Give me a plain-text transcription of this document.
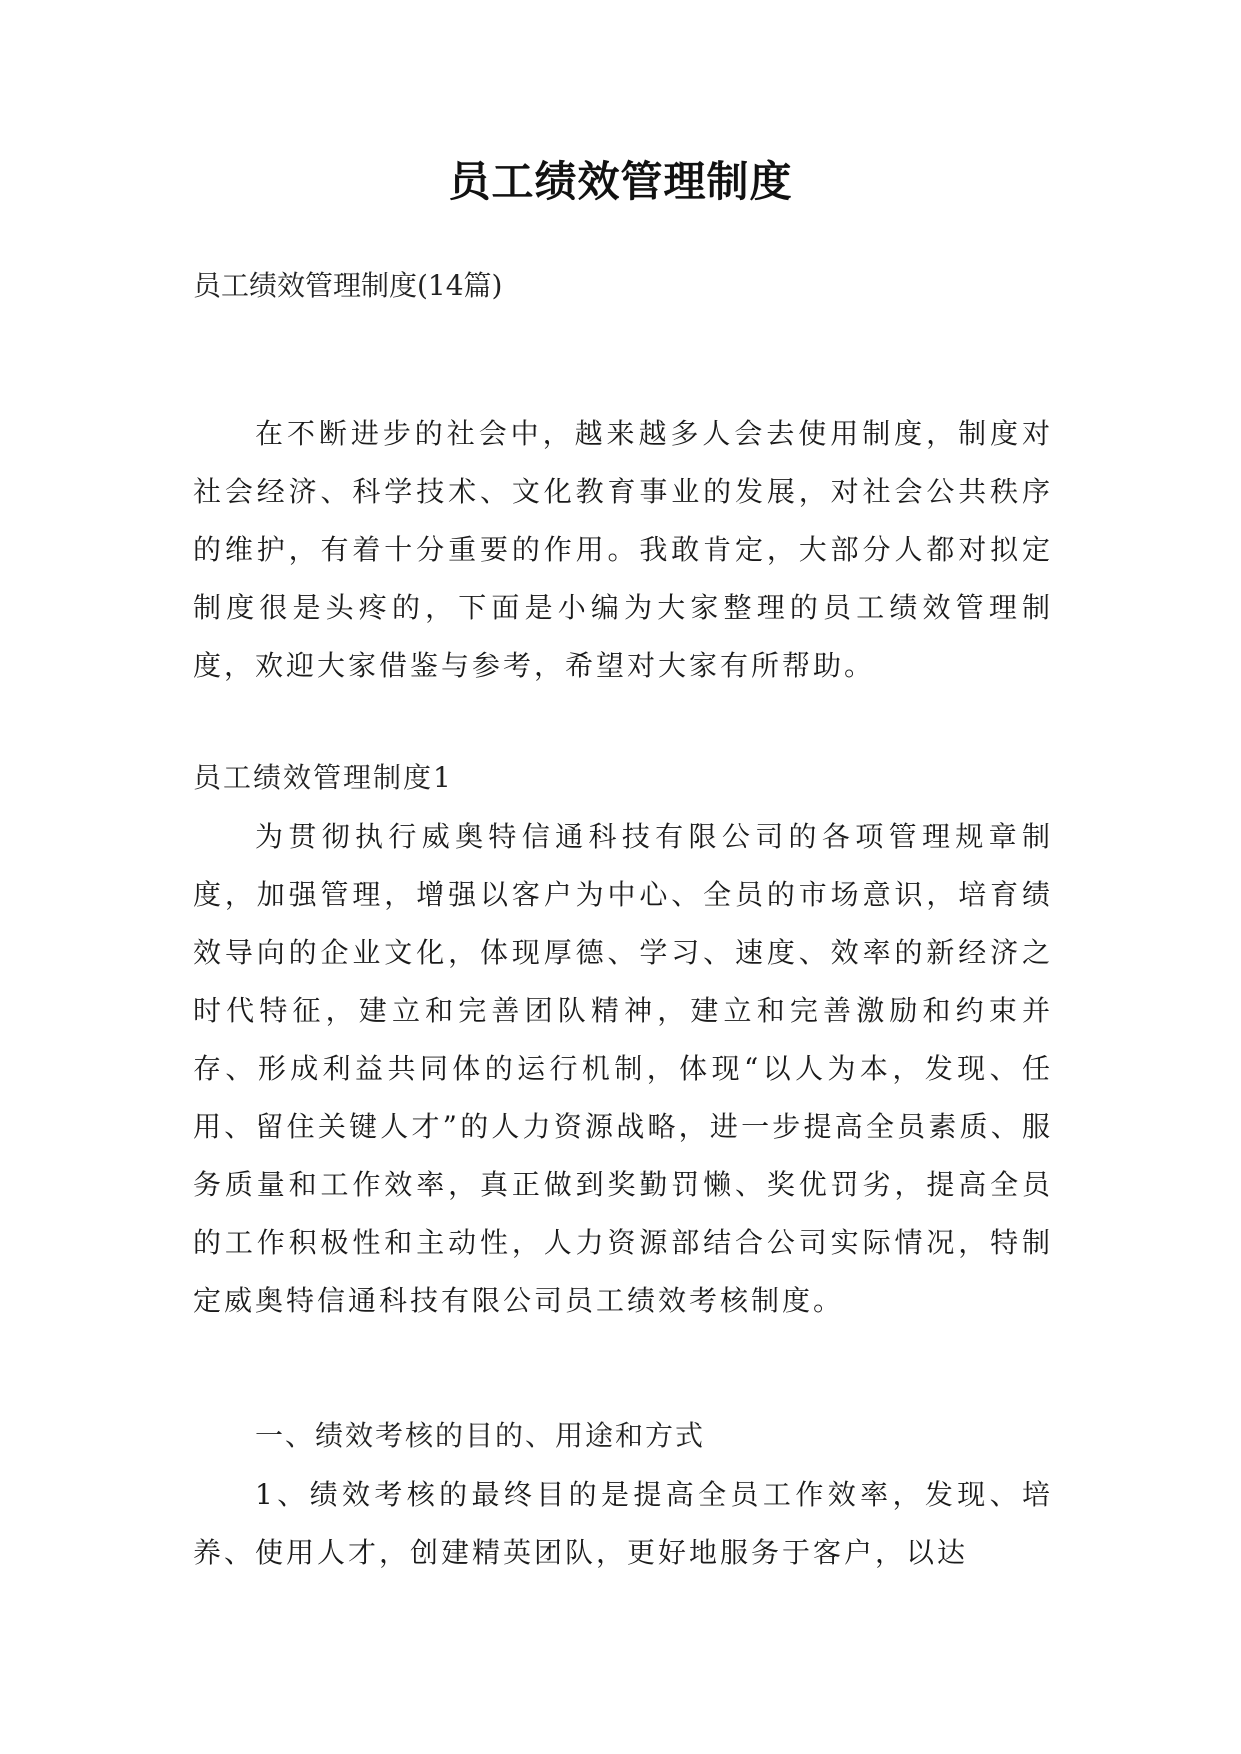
员工绩效管理制度
员工绩效管理制度(14篇)
在不断进步的社会中，越来越多人会去使用制度，制度对社会经济、科学技术、文化教育事业的发展，对社会公共秩序的维护，有着十分重要的作用。我敢肯定，大部分人都对拟定制度很是头疼的，下面是小编为大家整理的员工绩效管理制度，欢迎大家借鉴与参考，希望对大家有所帮助。
员工绩效管理制度1
为贯彻执行威奥特信通科技有限公司的各项管理规章制度，加强管理，增强以客户为中心、全员的市场意识，培育绩效导向的企业文化，体现厚德、学习、速度、效率的新经济之时代特征，建立和完善团队精神，建立和完善激励和约束并存、形成利益共同体的运行机制，体现“以人为本，发现、任用、留住关键人才”的人力资源战略，进一步提高全员素质、服务质量和工作效率，真正做到奖勤罚懒、奖优罚劣，提高全员的工作积极性和主动性，人力资源部结合公司实际情况，特制定威奥特信通科技有限公司员工绩效考核制度。
一、绩效考核的目的、用途和方式
1、绩效考核的最终目的是提高全员工作效率，发现、培养、使用人才，创建精英团队，更好地服务于客户，以达
